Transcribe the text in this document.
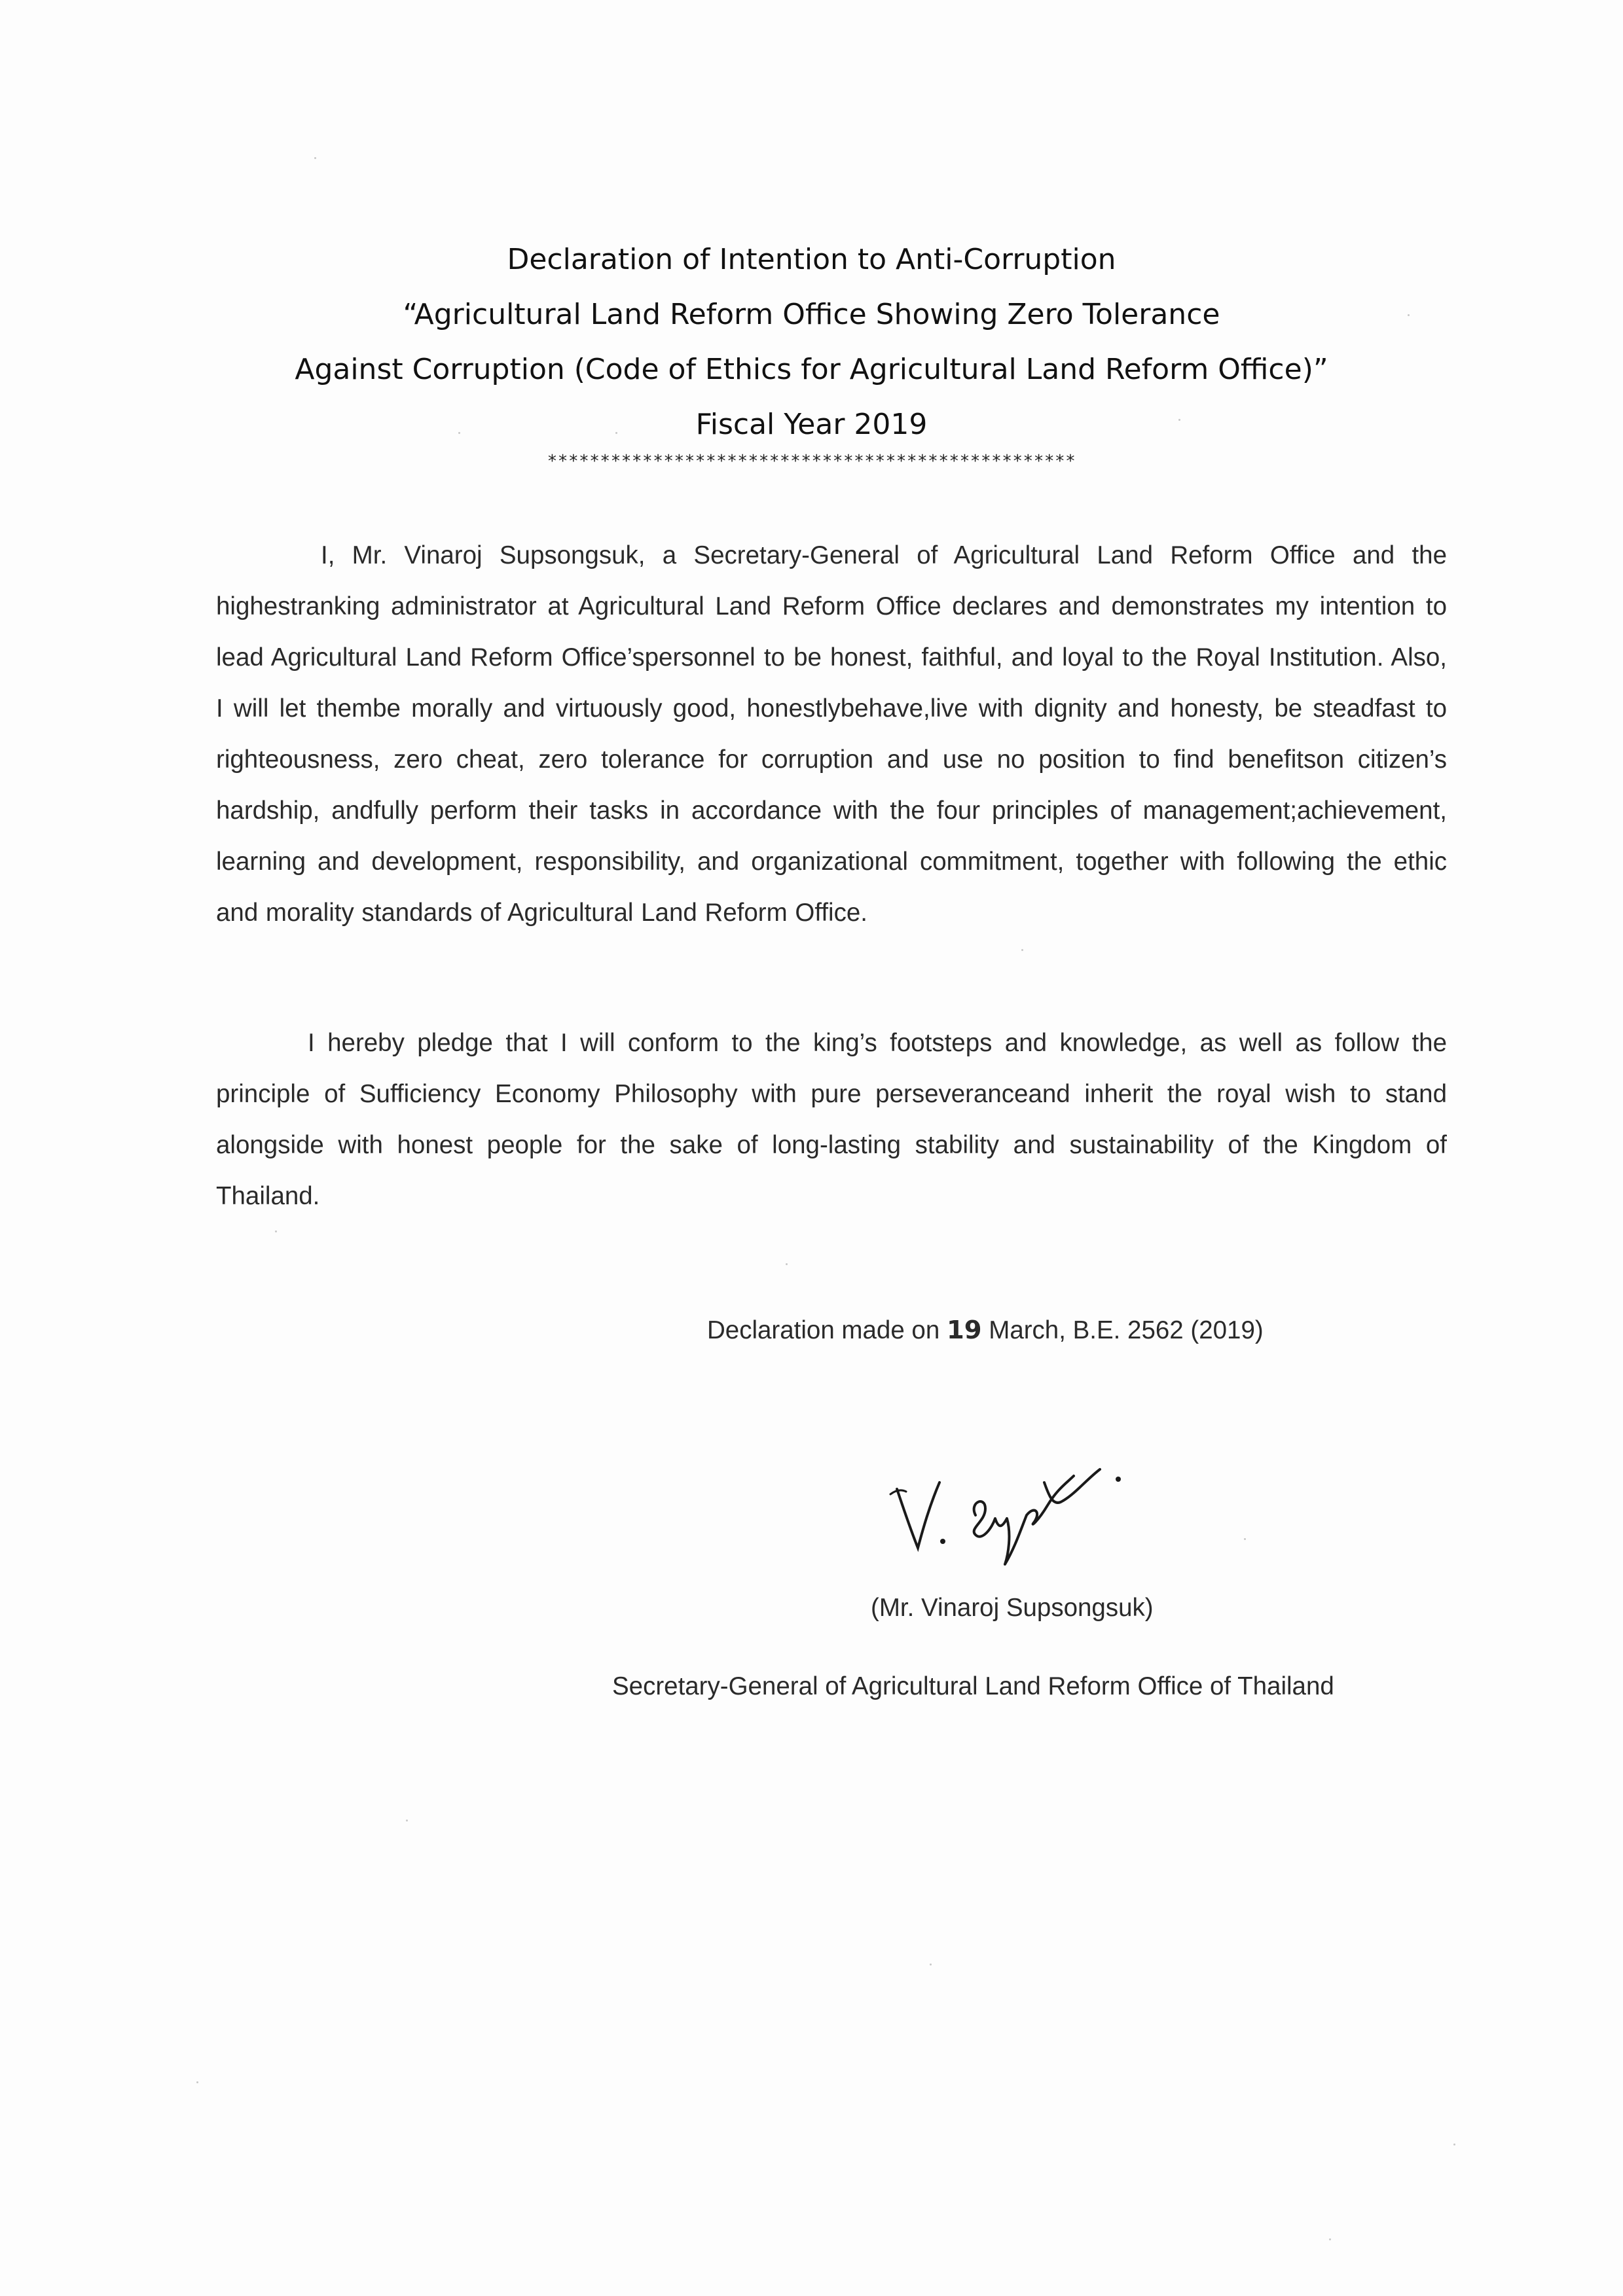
Declaration of Intention to Anti-Corruption
“Agricultural Land Reform Office Showing Zero Tolerance
Against Corruption (Code of Ethics for Agricultural Land Reform Office)”
Fiscal Year 2019
**************************************************

I, Mr. Vinaroj Supsongsuk, a Secretary-General of Agricultural Land Reform Office and the highestranking administrator at Agricultural Land Reform Office declares and demonstrates my intention to lead Agricultural Land Reform Office’spersonnel to be honest, faithful, and loyal to the Royal Institution. Also, I will let thembe morally and virtuously good, honestlybehave,live with dignity and honesty, be steadfast to righteousness, zero cheat, zero tolerance for corruption and use no position to find benefitson citizen’s hardship, andfully perform their tasks in accordance with the four principles of management;achievement, learning and development, responsibility, and organizational commitment, together with following the ethic and morality standards of Agricultural Land Reform Office.

I hereby pledge that I will conform to the king’s footsteps and knowledge, as well as follow the principle of Sufficiency Economy Philosophy with pure perseveranceand inherit the royal wish to stand alongside with honest people for the sake of long-lasting stability and sustainability of the Kingdom of Thailand.

Declaration made on 19 March, B.E. 2562 (2019)
(Mr. Vinaroj Supsongsuk)
Secretary-General of Agricultural Land Reform Office of Thailand
